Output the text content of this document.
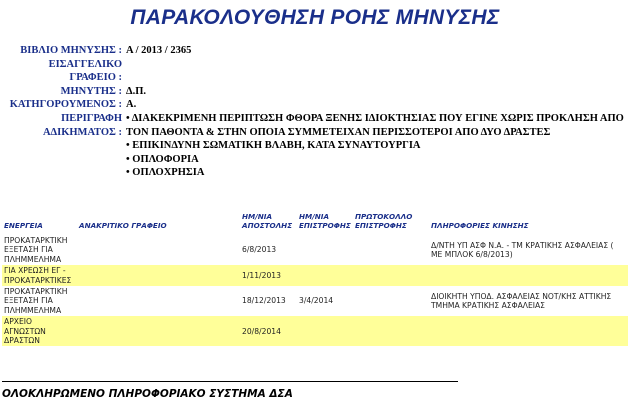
ΠΑΡΑΚΟΛΟΥΘΗΣΗ ΡΟΗΣ ΜΗΝΥΣΗΣ
ΒΙΒΛΙΟ ΜΗΝΥΣΗΣ : Α / 2013 / 2365
ΕΙΣΑΓΓΕΛΙΚΟ
ΓΡΑΦΕΙΟ :
ΜΗΝΥΤΗΣ : Δ.Π.
ΚΑΤΗΓΟΡΟΥΜΕΝΟΣ : Α.
ΠΕΡΙΓΡΑΦΗ • ΔΙΑΚΕΚΡΙΜΕΝΗ ΠΕΡΙΠΤΩΣΗ ΦΘΟΡΑ ΞΕΝΗΣ ΙΔΙΟΚΤΗΣΙΑΣ ΠΟΥ ΕΓΙΝΕ ΧΩΡΙΣ ΠΡΟΚΛΗΣΗ ΑΠΟ
ΑΔΙΚΗΜΑΤΟΣ : ΤΟΝ ΠΑΘΟΝΤΑ & ΣΤΗΝ ΟΠΟΙΑ ΣΥΜΜΕΤΕΙΧΑΝ ΠΕΡΙΣΣΟΤΕΡΟΙ ΑΠΟ ΔΥΟ ΔΡΑΣΤΕΣ
• ΕΠΙΚΙΝΔΥΝΗ ΣΩΜΑΤΙΚΗ ΒΛΑΒΗ, ΚΑΤΑ ΣΥΝΑΥΤΟΥΡΓΙΑ
• ΟΠΛΟΦΟΡΙΑ
• ΟΠΛΟΧΡΗΣΙΑ
ΕΝΕΡΓΕΙΑ	ΑΝΑΚΡΙΤΙΚΟ ΓΡΑΦΕΙΟ	ΗΜ/ΝΙΑ ΑΠΟΣΤΟΛΗΣ	ΗΜ/ΝΙΑ ΕΠΙΣΤΡΟΦΗΣ	ΠΡΩΤΟΚΟΛΛΟ ΕΠΙΣΤΡΟΦΗΣ	ΠΛΗΡΟΦΟΡΙΕΣ ΚΙΝΗΣΗΣ

ΠΡΟΚΑΤΑΡΚΤΙΚΗ ΕΞΕΤΑΣΗ ΓΙΑ ΠΛΗΜΜΕΛΗΜΑ		6/8/2013			Δ/ΝΤΗ ΥΠ ΑΣΦ Ν.Α. - ΤΜ ΚΡΑΤΙΚΗΣ ΑΣΦΑΛΕΙΑΣ ( ΜΕ ΜΠΛΟΚ 6/8/2013)
ΓΙΑ ΧΡΕΩΣΗ ΕΓ - ΠΡΟΚΑΤΑΡΚΤΙΚΕΣ		1/11/2013			
ΠΡΟΚΑΤΑΡΚΤΙΚΗ ΕΞΕΤΑΣΗ ΓΙΑ ΠΛΗΜΜΕΛΗΜΑ		18/12/2013	3/4/2014		ΔΙΟΙΚΗΤΗ ΥΠΟΔ. ΑΣΦΑΛΕΙΑΣ ΝΟΤ/ΚΗΣ ΑΤΤΙΚΗΣ ΤΜΗΜΑ ΚΡΑΤΙΚΗΣ ΑΣΦΑΛΕΙΑΣ
ΑΡΧΕΙΟ ΑΓΝΩΣΤΩΝ ΔΡΑΣΤΩΝ		20/8/2014			
ΟΛΟΚΛΗΡΩΜΕΝΟ ΠΛΗΡΟΦΟΡΙΑΚΟ ΣΥΣΤΗΜΑ ΔΣΑ
